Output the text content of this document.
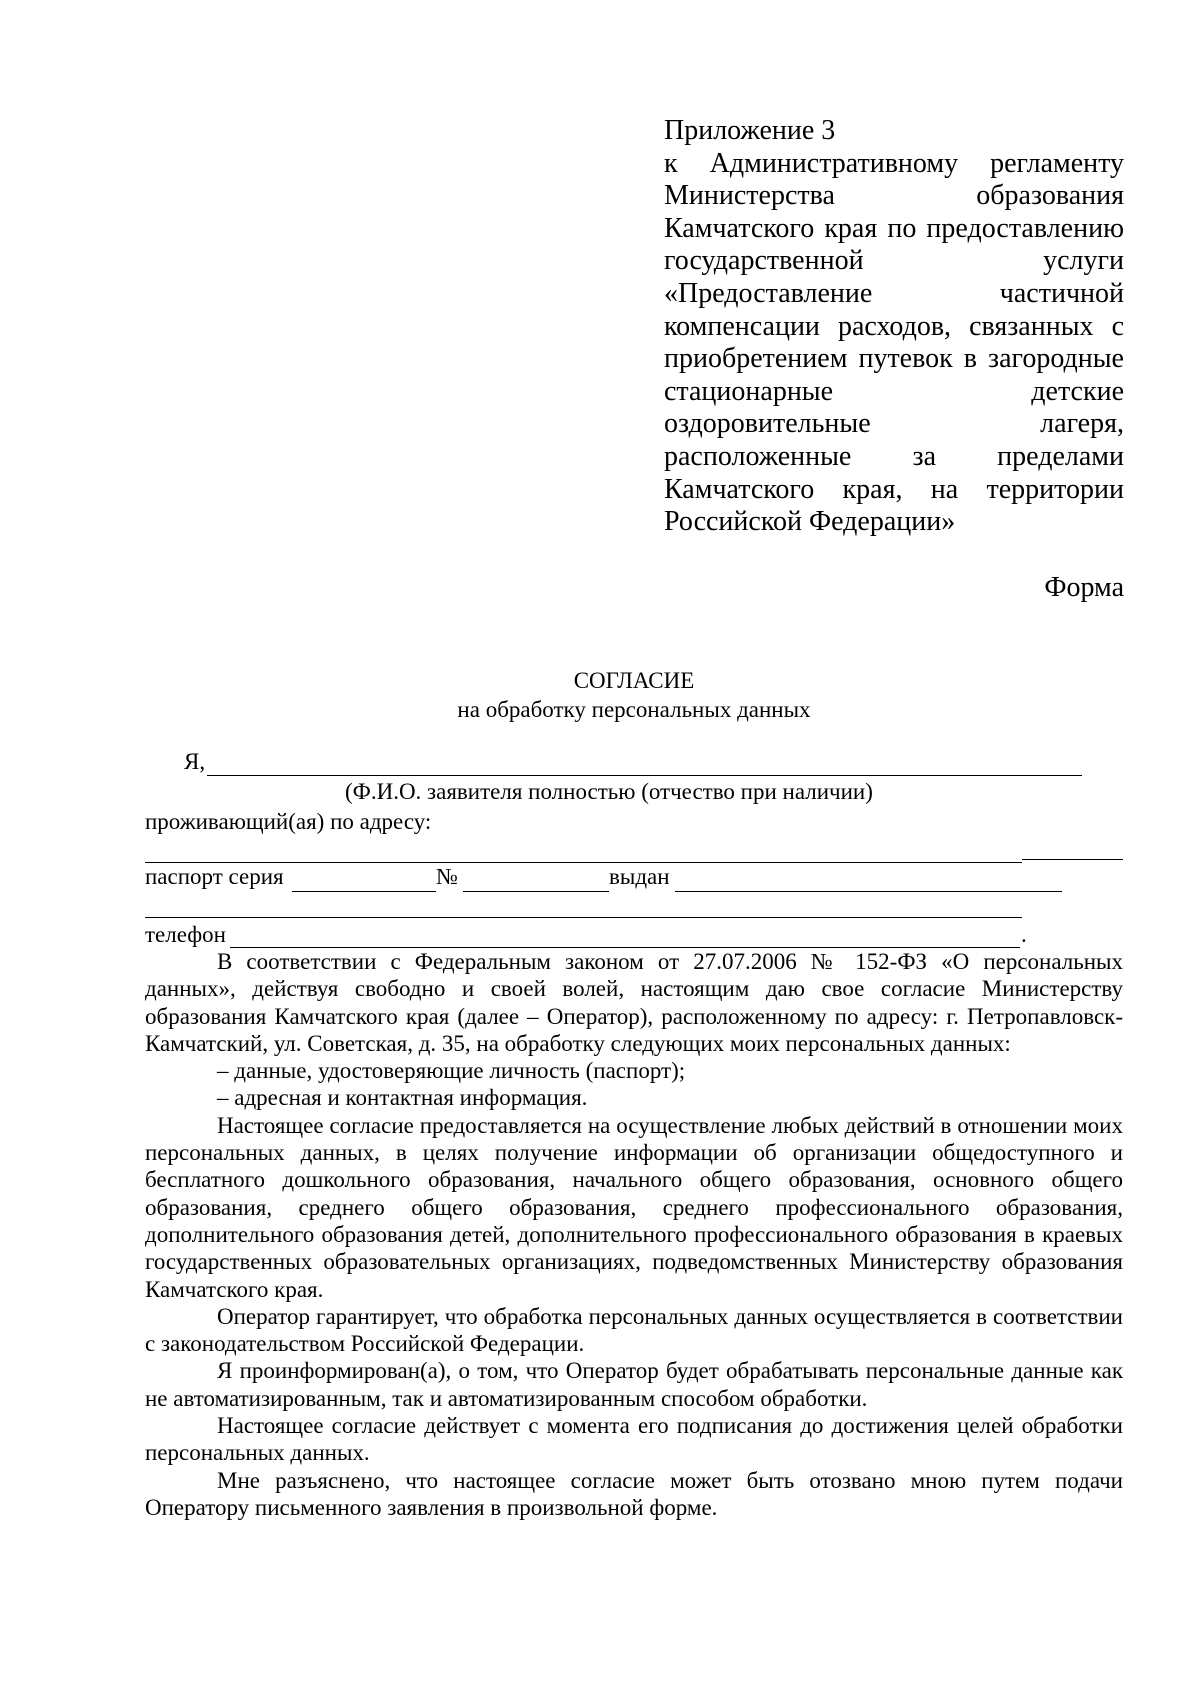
Приложение 3
к Административному регламенту Министерства образования Камчатского края по предоставлению государственной услуги «Предоставление частичной компенсации расходов, связанных с приобретением путевок в загородные стационарные детские оздоровительные лагеря, расположенные за пределами Камчатского края, на территории Российской Федерации»
Форма
СОГЛАСИЕ
на обработку персональных данных
Я,
(Ф.И.О. заявителя полностью (отчество при наличии)
проживающий(ая) по адресу:
паспорт серия	№	выдан
телефон	.

В соответствии с Федеральным законом от 27.07.2006 № 152-ФЗ «О персональных данных», действуя свободно и своей волей, настоящим даю свое согласие Министерству образования Камчатского края (далее – Оператор), расположенному по адресу: г. Петропавловск-Камчатский, ул. Советская, д. 35, на обработку следующих моих персональных данных:

– данные, удостоверяющие личность (паспорт);

– адресная и контактная информация.

Настоящее согласие предоставляется на осуществление любых действий в отношении моих персональных данных, в целях получение информации об организации общедоступного и бесплатного дошкольного образования, начального общего образования, основного общего образования, среднего общего образования, среднего профессионального образования, дополнительного образования детей, дополнительного профессионального образования в краевых государственных образовательных организациях, подведомственных Министерству образования Камчатского края.

Оператор гарантирует, что обработка персональных данных осуществляется в соответствии с законодательством Российской Федерации.

Я проинформирован(а), о том, что Оператор будет обрабатывать персональные данные как не автоматизированным, так и автоматизированным способом обработки.

Настоящее согласие действует с момента его подписания до достижения целей обработки персональных данных.

Мне разъяснено, что настоящее согласие может быть отозвано мною путем подачи Оператору письменного заявления в произвольной форме.
